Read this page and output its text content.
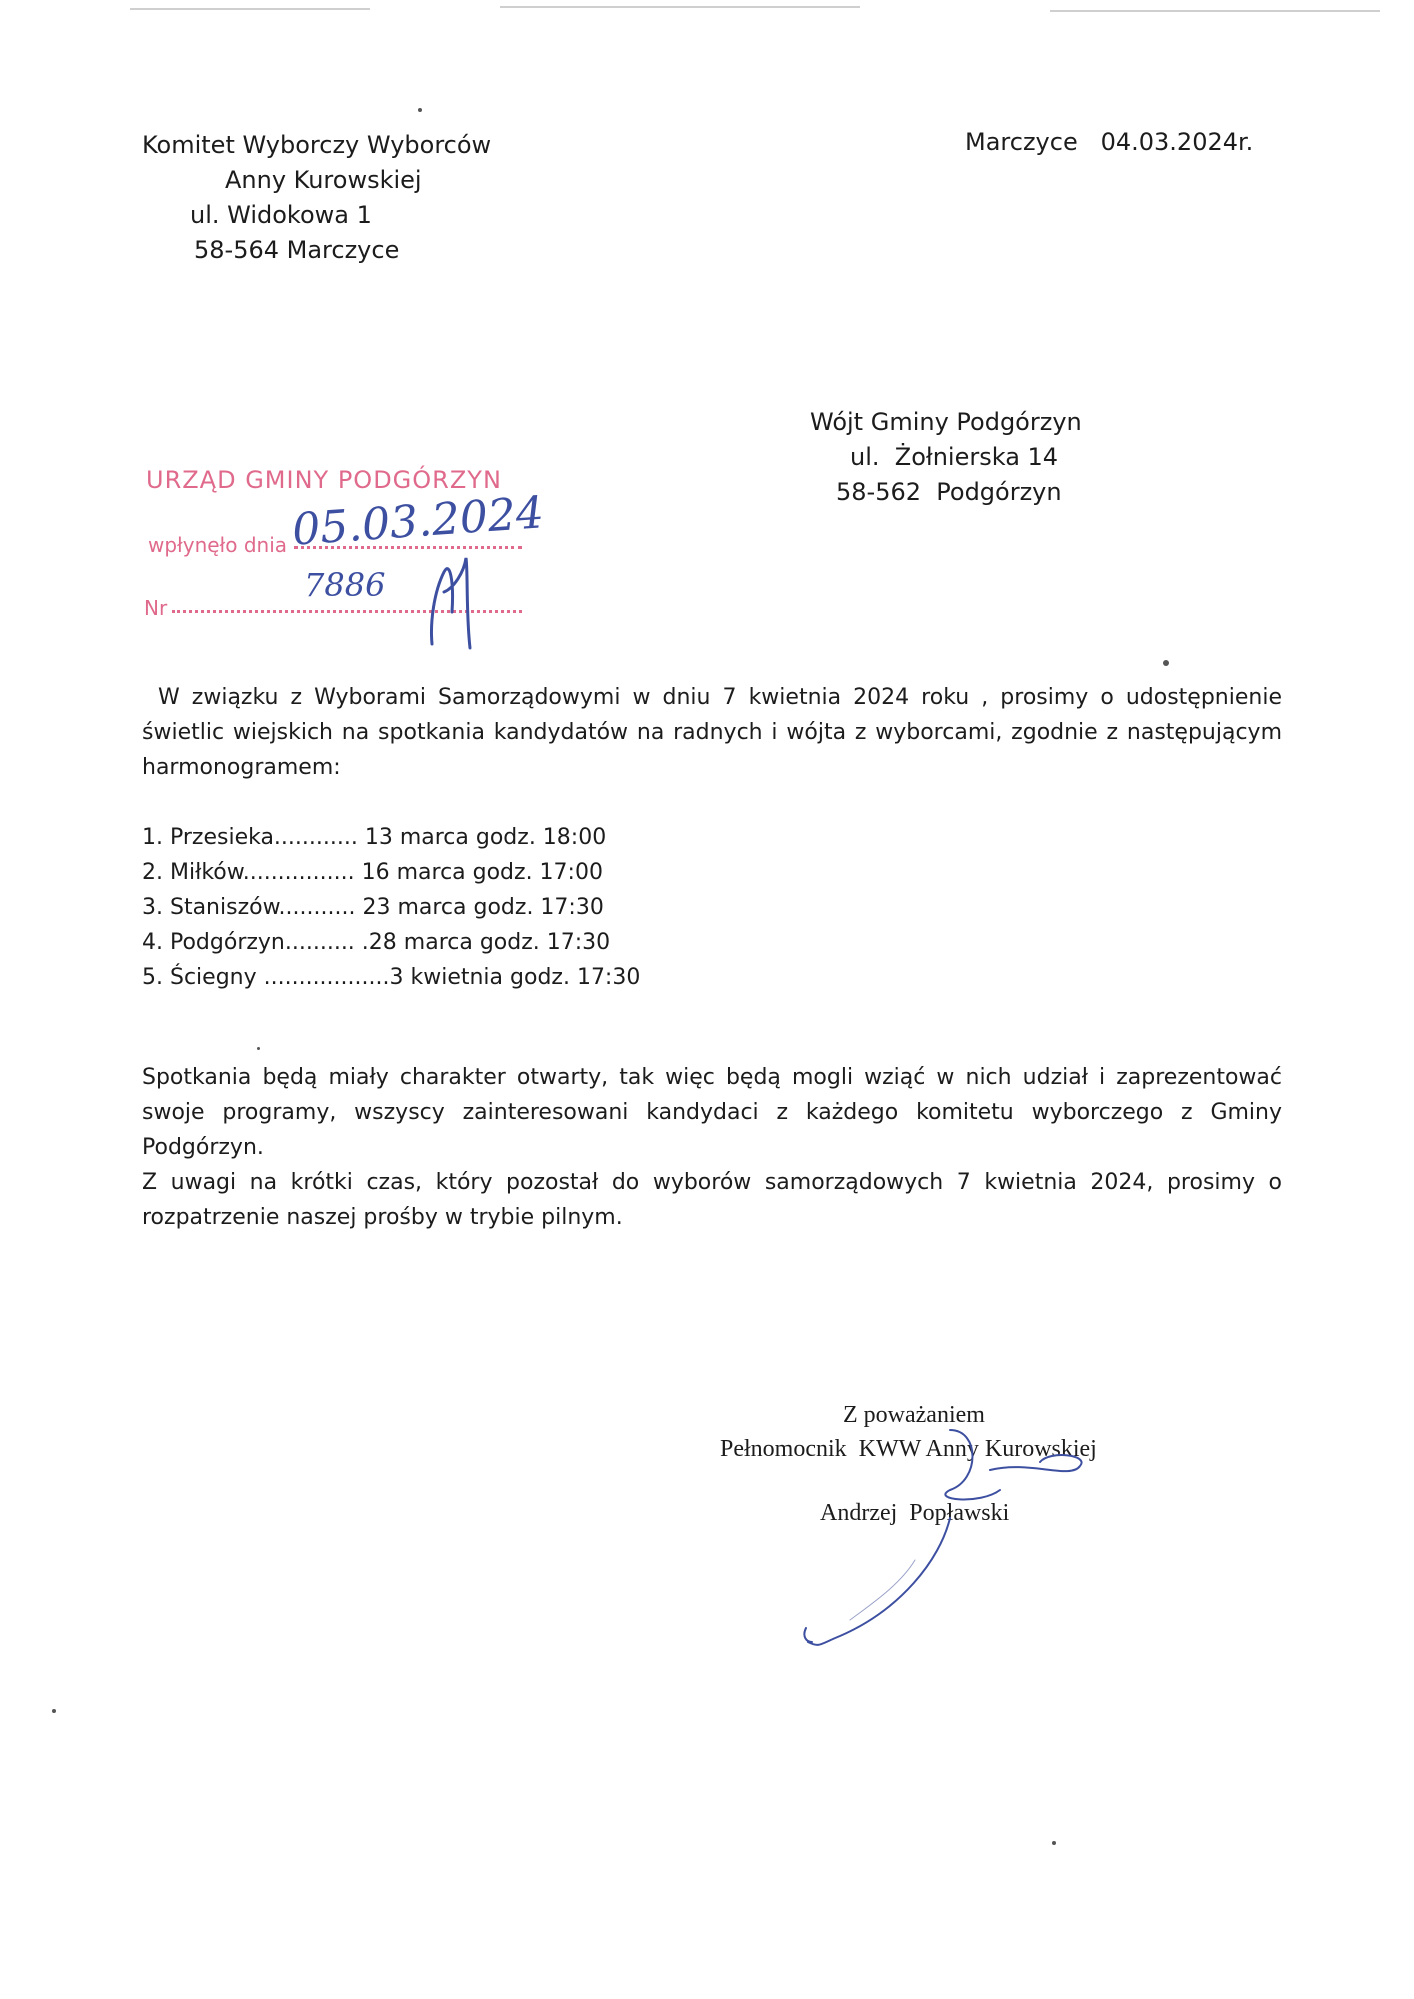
Komitet Wyborczy Wyborców
Anny Kurowskiej
ul. Widokowa 1
58-564 Marczyce
Marczyce   04.03.2024r.
Wójt Gminy Podgórzyn
ul.  Żołnierska 14
58-562  Podgórzyn
URZĄD GMINY PODGÓRZYN
wpłynęło dnia 05.03.2024
Nr
7886
W związku z Wyborami Samorządowymi w dniu 7 kwietnia 2024 roku , prosimy o udostępnienie świetlic wiejskich na spotkania kandydatów na radnych i wójta z wyborcami, zgodnie z następującym harmonogramem:
1. Przesieka............ 13 marca godz. 18:00
2. Miłków................ 16 marca godz. 17:00
3. Staniszów........... 23 marca godz. 17:30
4. Podgórzyn.......... .28 marca godz. 17:30
5. Ściegny ..................3 kwietnia godz. 17:30
Spotkania będą miały charakter otwarty, tak więc będą mogli wziąć w nich udział i zaprezentować swoje programy, wszyscy zainteresowani kandydaci z każdego komitetu wyborczego z Gminy Podgórzyn.
Z uwagi na krótki czas, który pozostał do wyborów samorządowych 7 kwietnia 2024, prosimy o rozpatrzenie naszej prośby w trybie pilnym.
Z poważaniem
Pełnomocnik  KWW Anny Kurowskiej
Andrzej  Popławski
